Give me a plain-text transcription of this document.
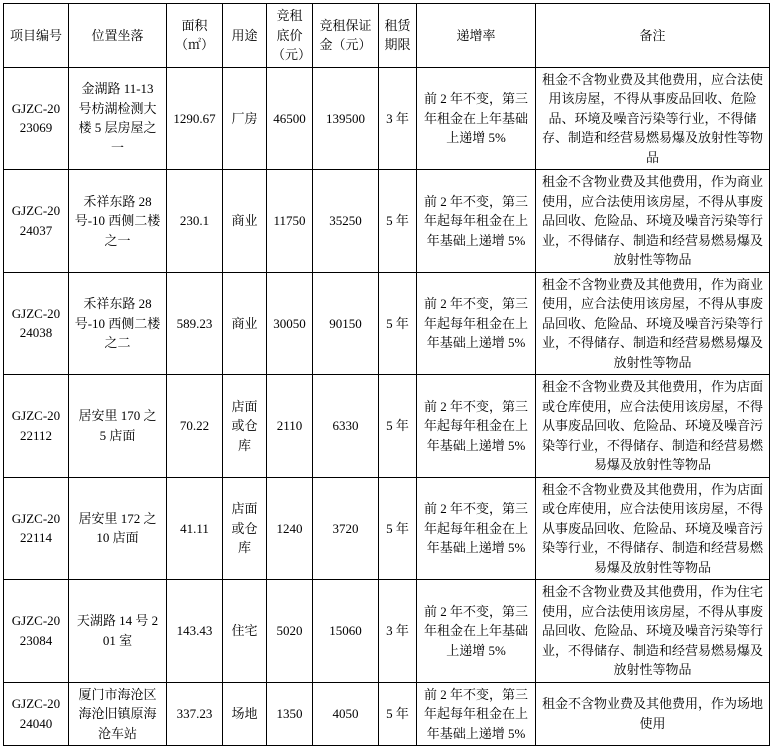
项目编号	位置坐落	面积（㎡）	用途	竞租底价（元）	竞租保证金（元）	租赁期限	递增率	备注
GJZC-2023069	金湖路 11-13 号枋湖检测大楼 5 层房屋之一	1290.67	厂房	46500	139500	3 年	前 2 年不变，第三年租金在上年基础上递增 5%	租金不含物业费及其他费用，应合法使用该房屋，不得从事废品回收、危险品、环境及噪音污染等行业，不得储存、制造和经营易燃易爆及放射性等物品
GJZC-2024037	禾祥东路 28 号-10 西侧二楼之一	230.1	商业	11750	35250	5 年	前 2 年不变，第三年起每年租金在上年基础上递增 5%	租金不含物业费及其他费用，作为商业使用，应合法使用该房屋，不得从事废品回收、危险品、环境及噪音污染等行业，不得储存、制造和经营易燃易爆及放射性等物品
GJZC-2024038	禾祥东路 28 号-10 西侧二楼之二	589.23	商业	30050	90150	5 年	前 2 年不变，第三年起每年租金在上年基础上递增 5%	租金不含物业费及其他费用，作为商业使用，应合法使用该房屋，不得从事废品回收、危险品、环境及噪音污染等行业，不得储存、制造和经营易燃易爆及放射性等物品
GJZC-2022112	居安里 170 之 5 店面	70.22	店面或仓库	2110	6330	5 年	前 2 年不变，第三年起每年租金在上年基础上递增 5%	租金不含物业费及其他费用，作为店面或仓库使用，应合法使用该房屋，不得从事废品回收、危险品、环境及噪音污染等行业，不得储存、制造和经营易燃易爆及放射性等物品
GJZC-2022114	居安里 172 之 10 店面	41.11	店面或仓库	1240	3720	5 年	前 2 年不变，第三年起每年租金在上年基础上递增 5%	租金不含物业费及其他费用，作为店面或仓库使用，应合法使用该房屋，不得从事废品回收、危险品、环境及噪音污染等行业，不得储存、制造和经营易燃易爆及放射性等物品
GJZC-2023084	天湖路 14 号 201 室	143.43	住宅	5020	15060	3 年	前 2 年不变，第三年租金在上年基础上递增 5%	租金不含物业费及其他费用，作为住宅使用，应合法使用该房屋，不得从事废品回收、危险品、环境及噪音污染等行业，不得储存、制造和经营易燃易爆及放射性等物品
GJZC-2024040	厦门市海沧区海沧旧镇原海沧车站	337.23	场地	1350	4050	5 年	前 2 年不变，第三年起每年租金在上年基础上递增 5%	租金不含物业费及其他费用，作为场地使用
